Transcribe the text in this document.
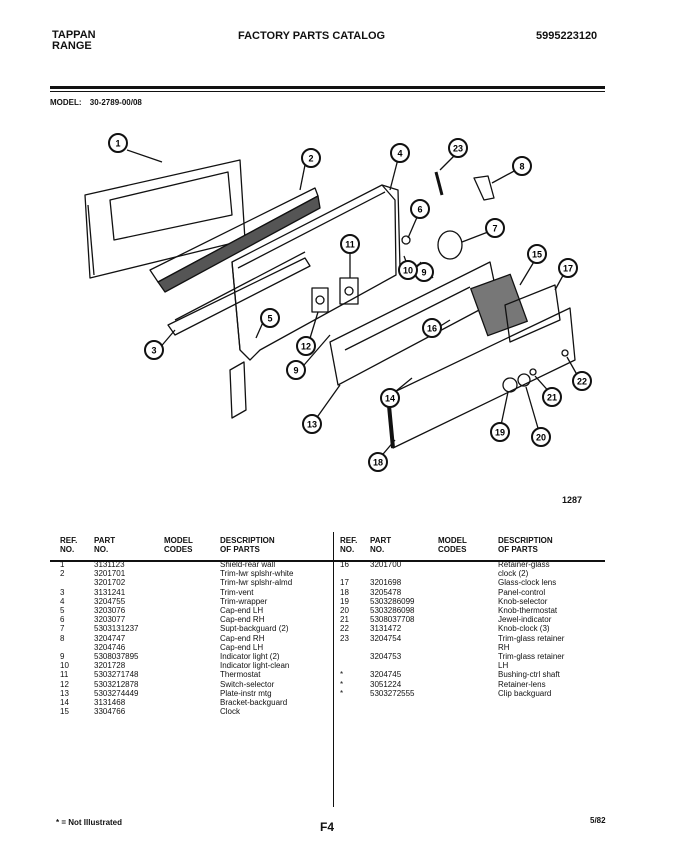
TAPPAN
RANGE
FACTORY PARTS CATALOG	5995223120
MODEL: 30-2789-00/08
1
2
3
4
5
6
7
8
9
9
10
11
12
13
14
15
16
17
18
19	20
21
22
23
1287
REF.
NO.	PART
NO.	MODEL
CODES	DESCRIPTION
OF PARTS

1	3131123		Shield-rear wall
2	3201701		Trim-lwr splshr-white
	3201702		Trim-lwr splshr-almd
3	3131241		Trim-vent
4	3204755		Trim-wrapper
5	3203076		Cap-end LH
6	3203077		Cap-end RH
7	5303131237		Supt-backguard (2)
8	3204747		Cap-end RH
	3204746		Cap-end LH
9	5308037895		Indicator light (2)
10	3201728		Indicator light-clean
11	5303271748		Thermostat
12	5303212878		Switch-selector
13	5303274449		Plate-instr mtg
14	3131468		Bracket-backguard
15	3304766		Clock
REF.
NO.	PART
NO.	MODEL
CODES	DESCRIPTION
OF PARTS

16	3201700		Retainer-glass
			clock (2)
17	3201698		Glass-clock lens
18	3205478		Panel-control
19	5303286099		Knob-selector
20	5303286098		Knob-thermostat
21	5308037708		Jewel-indicator
22	3131472		Knob-clock (3)
23	3204754		Trim-glass retainer
			RH
	3204753		Trim-glass retainer
			LH
*	3204745		Bushing-ctrl shaft
*	3051224		Retainer-lens
*	5303272555		Clip backguard
* = Not Illustrated	F4	5/82
